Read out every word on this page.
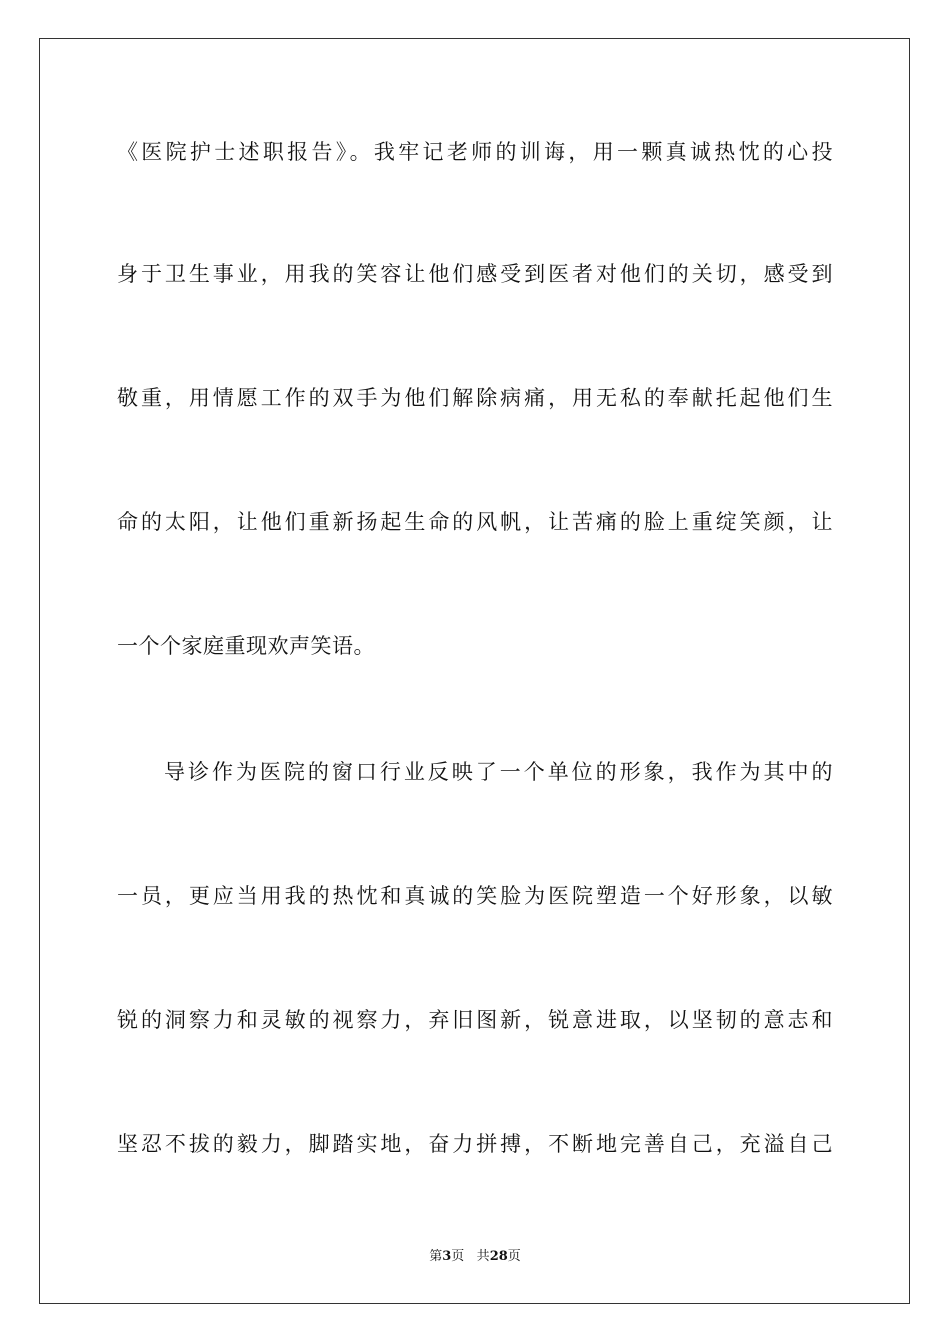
《医院护士述职报告》。我牢记老师的训诲，用一颗真诚热忱的心投
身于卫生事业，用我的笑容让他们感受到医者对他们的关切，感受到
敬重，用情愿工作的双手为他们解除病痛，用无私的奉献托起他们生
命的太阳，让他们重新扬起生命的风帆，让苦痛的脸上重绽笑颜，让
一个个家庭重现欢声笑语。
导诊作为医院的窗口行业反映了一个单位的形象，我作为其中的
一员，更应当用我的热忱和真诚的笑脸为医院塑造一个好形象，以敏
锐的洞察力和灵敏的视察力，弃旧图新，锐意进取，以坚韧的意志和
坚忍不拔的毅力，脚踏实地，奋力拼搏，不断地完善自己，充溢自己
第3页 共28页
